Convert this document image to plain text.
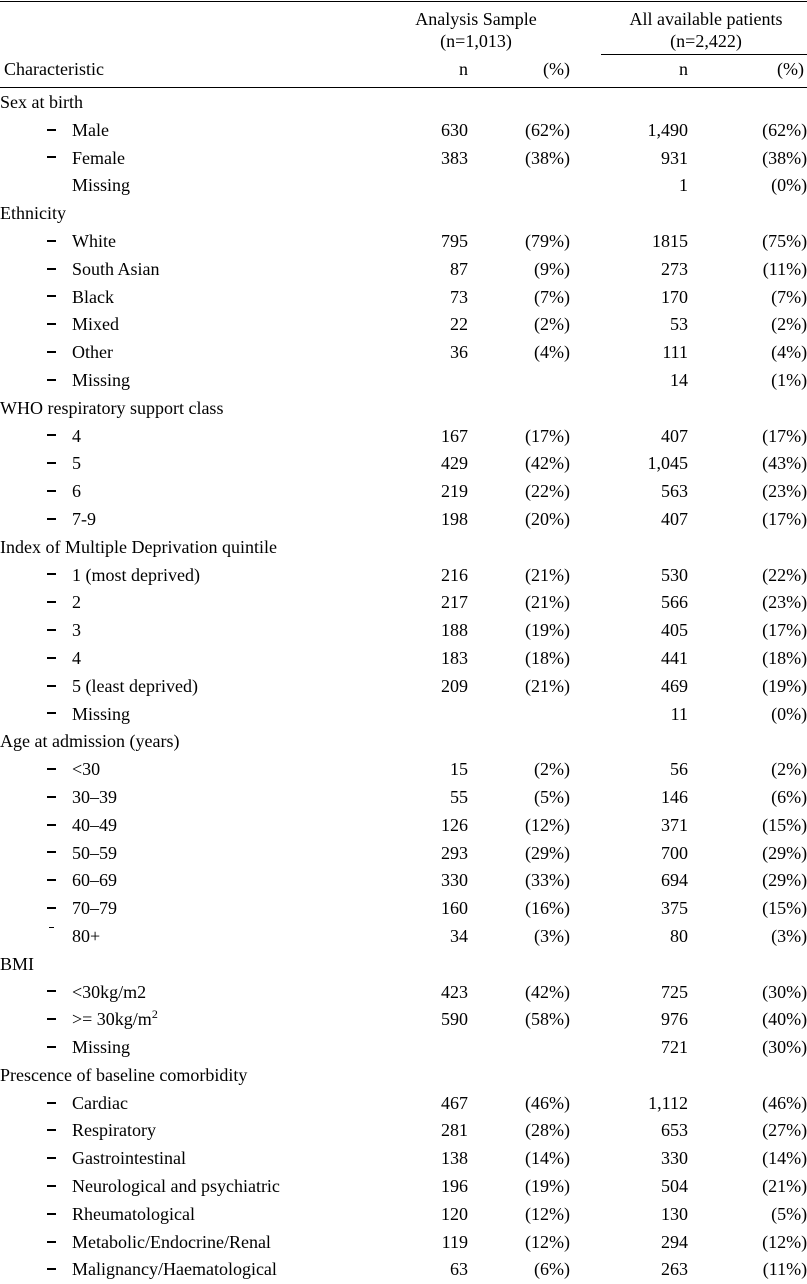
Analysis Sample
(n=1,013)
All available patients
(n=2,422)
Characteristic	n	(%)	n	(%)
Sex at birth						
		Male	630	(62%)	1,490	(62%)
		Female	383	(38%)	931	(38%)
		Missing			1	(0%)
Ethnicity						
		White	795	(79%)	1815	(75%)
		South Asian	87	(9%)	273	(11%)
		Black	73	(7%)	170	(7%)
		Mixed	22	(2%)	53	(2%)
		Other	36	(4%)	111	(4%)
		Missing			14	(1%)
WHO respiratory support class						
		4	167	(17%)	407	(17%)
		5	429	(42%)	1,045	(43%)
		6	219	(22%)	563	(23%)
		7-9	198	(20%)	407	(17%)
Index of Multiple Deprivation quintile						
		1 (most deprived)	216	(21%)	530	(22%)
		2	217	(21%)	566	(23%)
		3	188	(19%)	405	(17%)
		4	183	(18%)	441	(18%)
		5 (least deprived)	209	(21%)	469	(19%)
		Missing			11	(0%)
Age at admission (years)						
		<30	15	(2%)	56	(2%)
		30–39	55	(5%)	146	(6%)
		40–49	126	(12%)	371	(15%)
		50–59	293	(29%)	700	(29%)
		60–69	330	(33%)	694	(29%)
		70–79	160	(16%)	375	(15%)
		80+	34	(3%)	80	(3%)
BMI						
		<30kg/m2	423	(42%)	725	(30%)
		>= $30kg/m^2$	590	(58%)	976	(40%)
		Missing			721	(30%)
Prescence of baseline comorbidity						
		Cardiac	467	(46%)	1,112	(46%)
		Respiratory	281	(28%)	653	(27%)
		Gastrointestinal	138	(14%)	330	(14%)
		Neurological and psychiatric	196	(19%)	504	(21%)
		Rheumatological	120	(12%)	130	(5%)
		Metabolic/Endocrine/Renal	119	(12%)	294	(12%)
		Malignancy/Haematological	63	(6%)	263	(11%)
